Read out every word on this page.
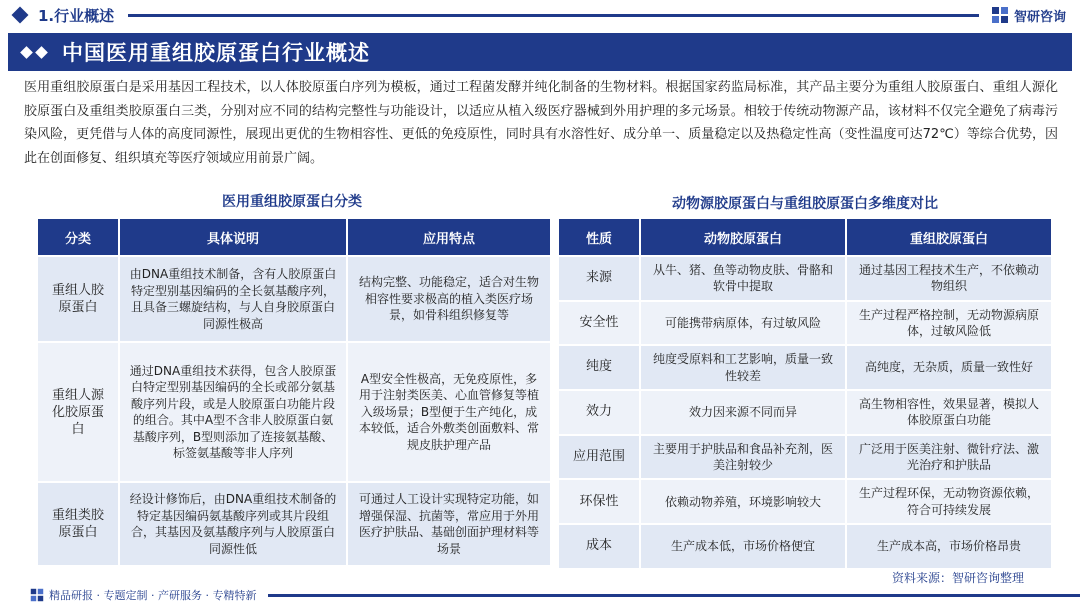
1.行业概述	智研咨询
中国医用重组胶原蛋白行业概述

医用重组胶原蛋白是采用基因工程技术，以人体胶原蛋白序列为模板，通过工程菌发酵并纯化制备的生物材料。根据国家药监局标准，其产品主要分为重组人胶原蛋白、重组人源化胶原蛋白及重组类胶原蛋白三类，分别对应不同的结构完整性与功能设计，以适应从植入级医疗器械到外用护理的多元场景。相较于传统动物源产品，该材料不仅完全避免了病毒污染风险，更凭借与人体的高度同源性，展现出更优的生物相容性、更低的免疫原性，同时具有水溶性好、成分单一、质量稳定以及热稳定性高（变性温度可达72℃）等综合优势，因此在创面修复、组织填充等医疗领域应用前景广阔。

医用重组胶原蛋白分类
分类	具体说明	应用特点
重组人胶原蛋白	由DNA重组技术制备，含有人胶原蛋白特定型别基因编码的全长氨基酸序列，且具备三螺旋结构，与人自身胶原蛋白同源性极高	结构完整、功能稳定，适合对生物相容性要求极高的植入类医疗场景，如骨科组织修复等
重组人源化胶原蛋白	通过DNA重组技术获得，包含人胶原蛋白特定型别基因编码的全长或部分氨基酸序列片段，或是人胶原蛋白功能片段的组合。其中A型不含非人胶原蛋白氨基酸序列，B型则添加了连接氨基酸、标签氨基酸等非人序列	A型安全性极高，无免疫原性，多用于注射类医美、心血管修复等植入级场景；B型便于生产纯化，成本较低，适合外敷类创面敷料、常规皮肤护理产品
重组类胶原蛋白	经设计修饰后，由DNA重组技术制备的特定基因编码氨基酸序列或其片段组合，其基因及氨基酸序列与人胶原蛋白同源性低	可通过人工设计实现特定功能，如增强保湿、抗菌等，常应用于外用医疗护肤品、基础创面护理材料等场景
动物源胶原蛋白与重组胶原蛋白多维度对比
性质	动物胶原蛋白	重组胶原蛋白
来源	从牛、猪、鱼等动物皮肤、骨骼和软骨中提取	通过基因工程技术生产，不依赖动物组织
安全性	可能携带病原体，有过敏风险	生产过程严格控制，无动物源病原体，过敏风险低
纯度	纯度受原料和工艺影响，质量一致性较差	高纯度，无杂质，质量一致性好
效力	效力因来源不同而异	高生物相容性，效果显著，模拟人体胶原蛋白功能
应用范围	主要用于护肤品和食品补充剂，医美注射较少	广泛用于医美注射、微针疗法、激光治疗和护肤品
环保性	依赖动物养殖，环境影响较大	生产过程环保，无动物资源依赖，符合可持续发展
成本	生产成本低，市场价格便宜	生产成本高，市场价格昂贵
资料来源：智研咨询整理
精品研报 · 专题定制 · 产研服务 · 专精特新
